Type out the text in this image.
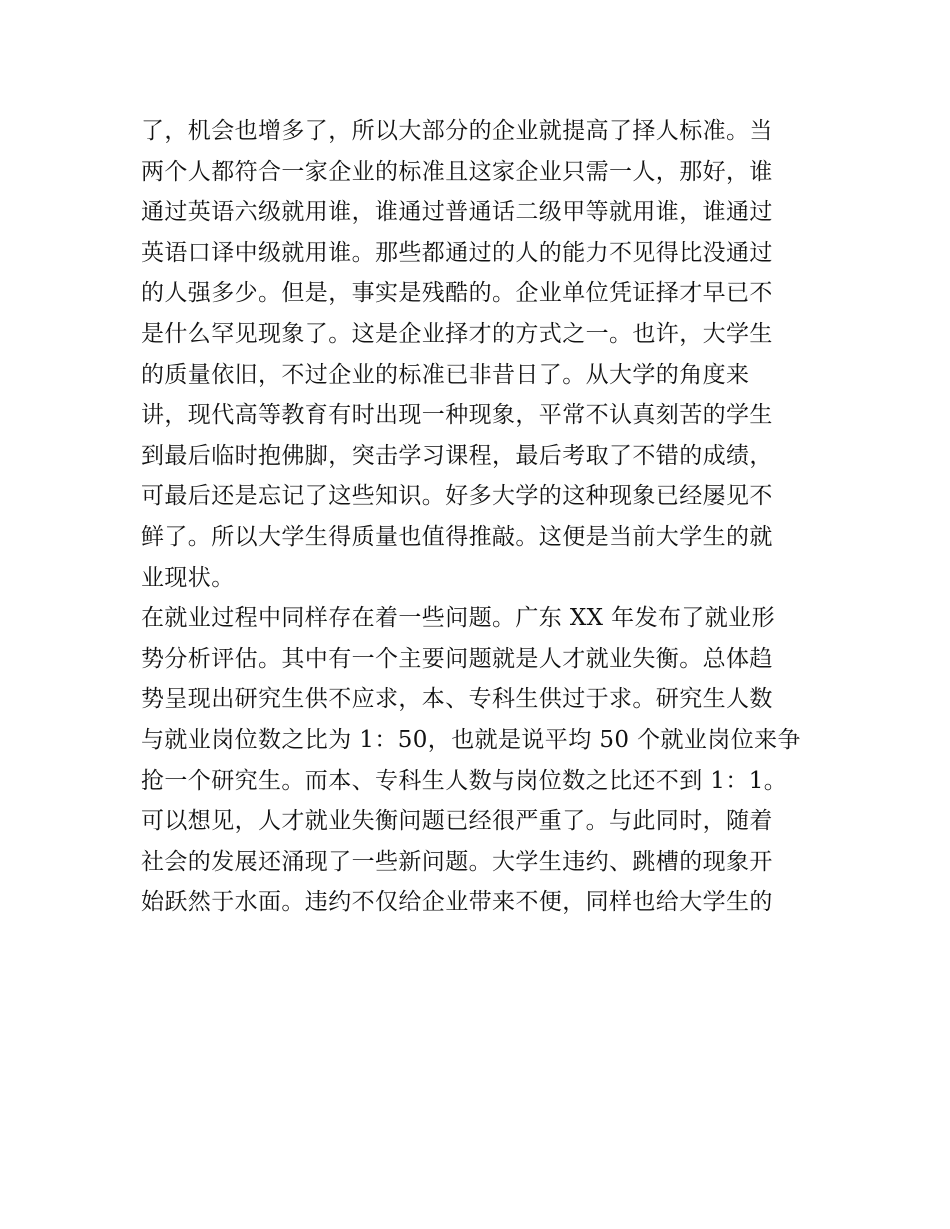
了，机会也增多了，所以大部分的企业就提高了择人标准。当
两个人都符合一家企业的标准且这家企业只需一人，那好，谁
通过英语六级就用谁，谁通过普通话二级甲等就用谁，谁通过
英语口译中级就用谁。那些都通过的人的能力不见得比没通过
的人强多少。但是，事实是残酷的。企业单位凭证择才早已不
是什么罕见现象了。这是企业择才的方式之一。也许，大学生
的质量依旧，不过企业的标准已非昔日了。从大学的角度来
讲，现代高等教育有时出现一种现象，平常不认真刻苦的学生
到最后临时抱佛脚，突击学习课程，最后考取了不错的成绩，
可最后还是忘记了这些知识。好多大学的这种现象已经屡见不
鲜了。所以大学生得质量也值得推敲。这便是当前大学生的就
业现状。
在就业过程中同样存在着一些问题。广东 XX 年发布了就业形
势分析评估。其中有一个主要问题就是人才就业失衡。总体趋
势呈现出研究生供不应求，本、专科生供过于求。研究生人数
与就业岗位数之比为 1：50，也就是说平均 50 个就业岗位来争
抢一个研究生。而本、专科生人数与岗位数之比还不到 1：1。
可以想见，人才就业失衡问题已经很严重了。与此同时，随着
社会的发展还涌现了一些新问题。大学生违约、跳槽的现象开
始跃然于水面。违约不仅给企业带来不便，同样也给大学生的
